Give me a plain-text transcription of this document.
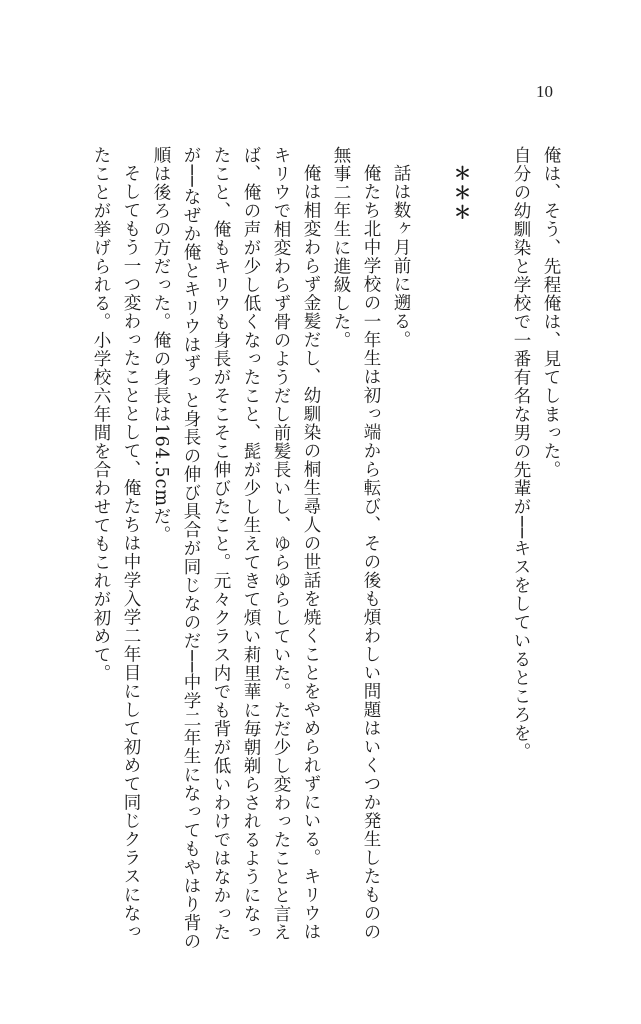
10

俺は、そう、先程俺は、見てしまった。

自分の幼馴染と学校で一番有名な男の先輩が──キスをしているところを。

＊＊＊

話は数ヶ月前に遡る。

俺たち北中学校の一年生は初っ端から転び、その後も煩わしい問題はいくつか発生したものの無事二年生に進級した。

俺は相変わらず金髪だし、幼馴染の桐生尋人の世話を焼くことをやめられずにいる。キリウはキリウで相変わらず骨のようだし前髪長いし、ゆらゆらしていた。ただ少し変わったことと言えば、俺の声が少し低くなったこと、髭が少し生えてきて煩い莉里華に毎朝剃らされるようになったこと、俺もキリウも身長がそこそこ伸びたこと。元々クラス内でも背が低いわけではなかったが──なぜか俺とキリウはずっと身長の伸び具合が同じなのだ──中学二年生になってもやはり背の順は後ろの方だった。俺の身長は164.5cmだ。

そしてもう一つ変わったこととして、俺たちは中学入学二年目にして初めて同じクラスになったことが挙げられる。小学校六年間を合わせてもこれが初めて。
